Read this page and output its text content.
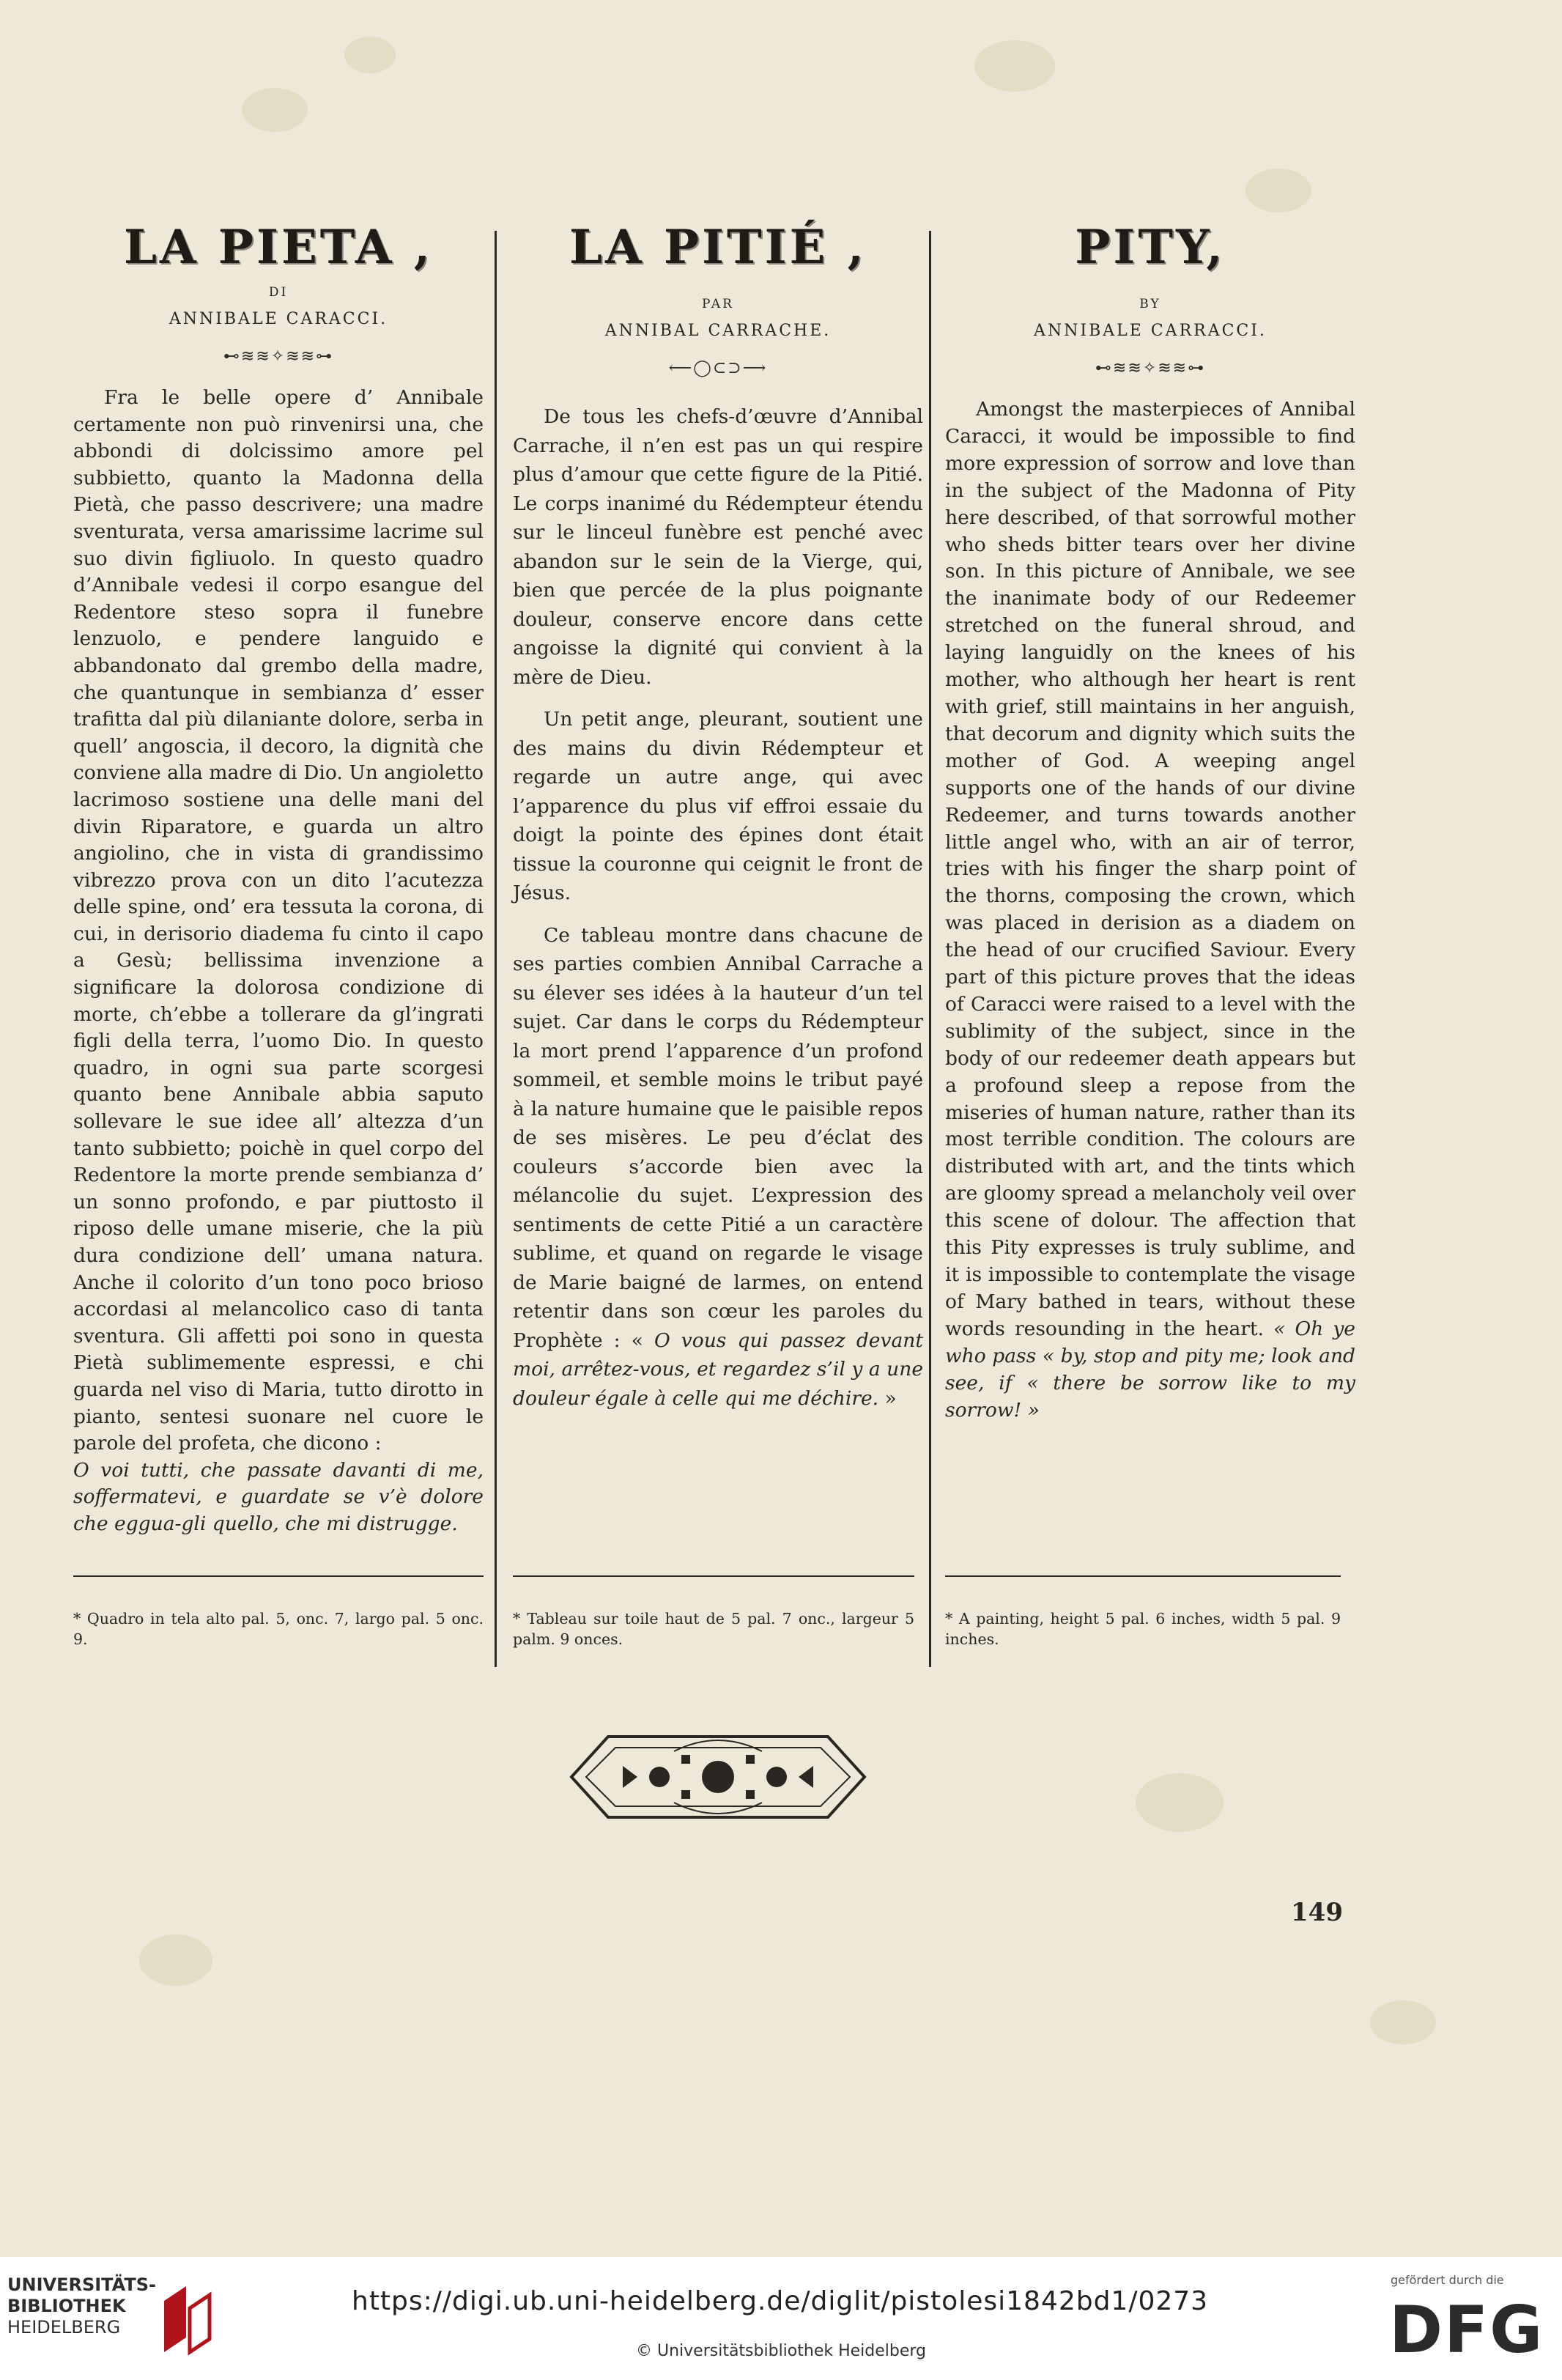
LA PIETA ,
DI
ANNIBALE CARACCI.
⊷≋≋✧≋≋⊶

Fra le belle opere d’ Annibale certamente non può rinvenirsi una, che abbondi di dolcissimo amore pel subbietto, quanto la Madonna della Pietà, che passo descrivere; una madre sventurata, versa amarissime lacrime sul suo divin figliuolo. In questo quadro d’Annibale vedesi il corpo esangue del Redentore steso sopra il funebre lenzuolo, e pendere languido e abbandonato dal grembo della madre, che quantunque in sembianza d’ esser trafitta dal più dilaniante dolore, serba in quell’ angoscia, il decoro, la dignità che conviene alla madre di Dio. Un angioletto lacrimoso sostiene una delle mani del divin Riparatore, e guarda un altro angiolino, che in vista di grandissimo vibrezzo prova con un dito l’acutezza delle spine, ond’ era tessuta la corona, di cui, in derisorio diadema fu cinto il capo a Gesù; bellissima invenzione a significare la dolorosa condizione di morte, ch’ebbe a tollerare da gl’ingrati figli della terra, l’uomo Dio. In questo quadro, in ogni sua parte scorgesi quanto bene Annibale abbia saputo sollevare le sue idee all’ altezza d’un tanto subbietto; poichè in quel corpo del Redentore la morte prende sembianza d’ un sonno profondo, e par piuttosto il riposo delle umane miserie, che la più dura condizione dell’ umana natura. Anche il colorito d’un tono poco brioso accordasi al melancolico caso di tanta sventura. Gli affetti poi sono in questa Pietà sublimemente espressi, e chi guarda nel viso di Maria, tutto dirotto in pianto, sentesi suonare nel cuore le parole del profeta, che dicono :

O voi tutti, che passate davanti di me, soffermatevi, e guardate se v’è dolore che eggua-gli quello, che mi distrugge.

LA PITIÉ ,
PAR
ANNIBAL CARRACHE.
⟵◯⊂⊃⟶

De tous les chefs-d’œuvre d’Annibal Carrache, il n’en est pas un qui respire plus d’amour que cette figure de la Pitié. Le corps inanimé du Rédempteur étendu sur le linceul funèbre est penché avec abandon sur le sein de la Vierge, qui, bien que percée de la plus poignante douleur, conserve encore dans cette angoisse la dignité qui convient à la mère de Dieu.

Un petit ange, pleurant, soutient une des mains du divin Rédempteur et regarde un autre ange, qui avec l’apparence du plus vif effroi essaie du doigt la pointe des épines dont était tissue la couronne qui ceignit le front de Jésus.

Ce tableau montre dans chacune de ses parties combien Annibal Carrache a su élever ses idées à la hauteur d’un tel sujet. Car dans le corps du Rédempteur la mort prend l’apparence d’un profond sommeil, et semble moins le tribut payé à la nature humaine que le paisible repos de ses misères. Le peu d’éclat des couleurs s’accorde bien avec la mélancolie du sujet. L’expression des sentiments de cette Pitié a un caractère sublime, et quand on regarde le visage de Marie baigné de larmes, on entend retentir dans son cœur les paroles du Prophète : « O vous qui passez devant moi, arrêtez-vous, et regardez s’il y a une douleur égale à celle qui me déchire. »

PITY,
BY
ANNIBALE CARRACCI.
⊷≋≋✧≋≋⊶

Amongst the masterpieces of Annibal Caracci, it would be impossible to find more expression of sorrow and love than in the subject of the Madonna of Pity here described, of that sorrowful mother who sheds bitter tears over her divine son. In this picture of Annibale, we see the inanimate body of our Redeemer stretched on the funeral shroud, and laying languidly on the knees of his mother, who although her heart is rent with grief, still maintains in her anguish, that decorum and dignity which suits the mother of God. A weeping angel supports one of the hands of our divine Redeemer, and turns towards another little angel who, with an air of terror, tries with his finger the sharp point of the thorns, composing the crown, which was placed in derision as a diadem on the head of our crucified Saviour. Every part of this picture proves that the ideas of Caracci were raised to a level with the sublimity of the subject, since in the body of our redeemer death appears but a profound sleep a repose from the miseries of human nature, rather than its most terrible condition. The colours are distributed with art, and the tints which are gloomy spread a melancholy veil over this scene of dolour. The affection that this Pity expresses is truly sublime, and it is impossible to contemplate the visage of Mary bathed in tears, without these words resounding in the heart. « Oh ye who pass « by, stop and pity me; look and see, if « there be sorrow like to my sorrow! »

* Quadro in tela alto pal. 5, onc. 7, largo pal. 5 onc. 9.
* Tableau sur toile haut de 5 pal. 7 onc., largeur 5 palm. 9 onces.
* A painting, height 5 pal. 6 inches, width 5 pal. 9 inches.
149
UNIVERSITÄTS-
BIBLIOTHEK
HEIDELBERG
https://digi.ub.uni-heidelberg.de/diglit/pistolesi1842bd1/0273
© Universitätsbibliothek Heidelberg
gefördert durch die
DFG
